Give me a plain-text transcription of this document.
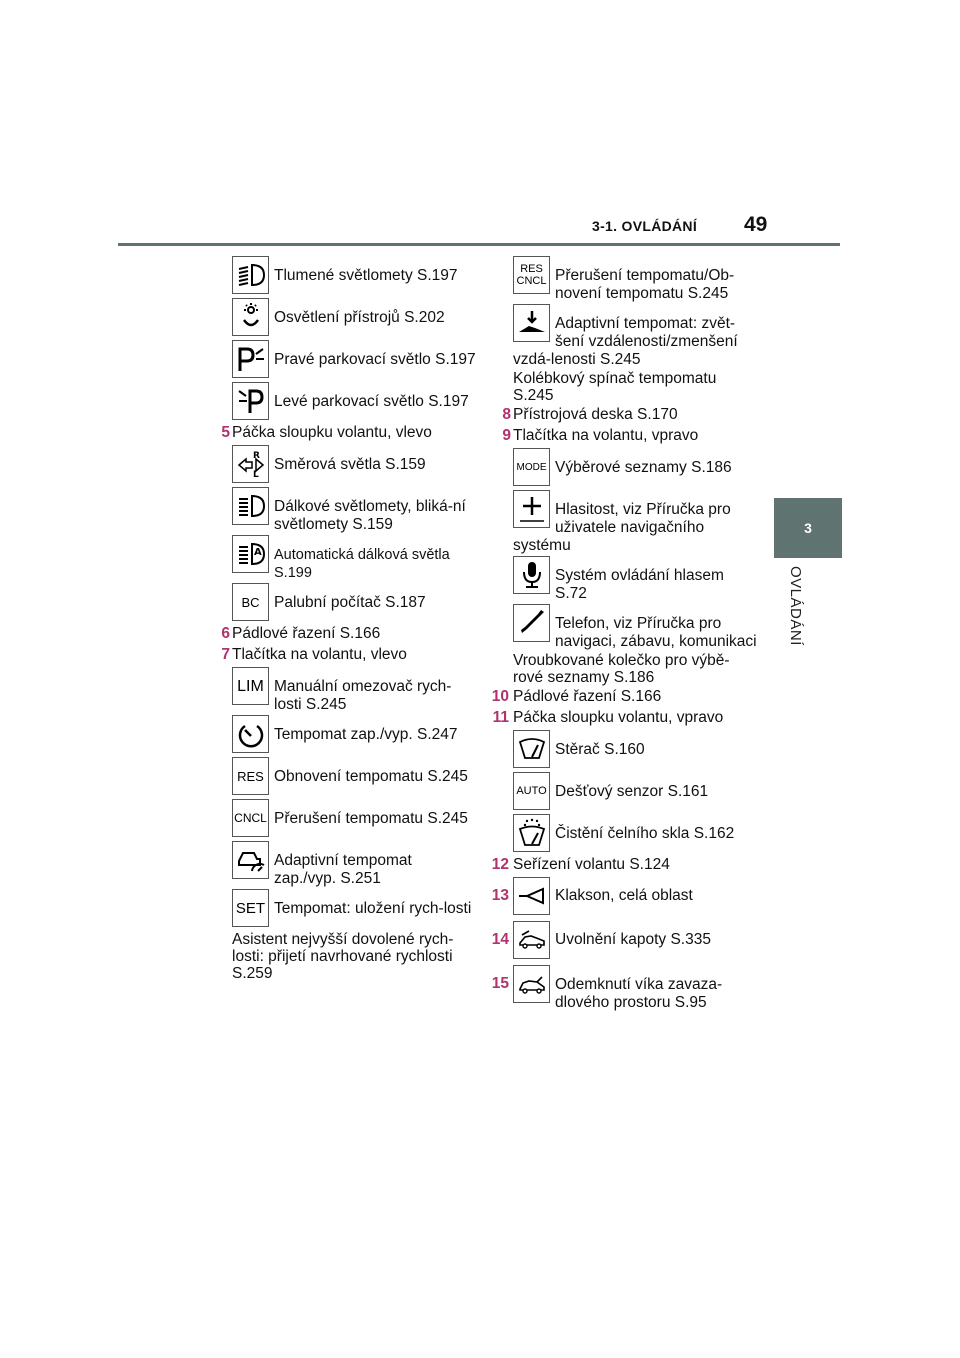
3-1. OVLÁDÁNÍ 49
3
OVLÁDÁNÍ
Tlumené světlomety S.197
Osvětlení přístrojů S.202
Pravé parkovací světlo S.197
Levé parkovací světlo S.197
5 Páčka sloupku volantu, vlevo
R
L
Směrová světla S.159
Dálkové světlomety, bliká-ní světlomety S.159
A Automatická dálková světla S.199
BC Palubní počítač S.187
6 Pádlové řazení S.166
7 Tlačítka na volantu, vlevo
LIM Manuální omezovač rych-losti S.245
Tempomat zap./vyp. S.247
RES Obnovení tempomatu S.245
CNCL Přerušení tempomatu S.245
Adaptivní tempomat zap./vyp. S.251
SET Tempomat: uložení rych-losti
Asistent nejvyšší dovolené rych-losti: přijetí navrhované rychlosti S.259
RES CNCL Přerušení tempomatu/Ob-novení tempomatu S.245
Adaptivní tempomat: zvět-šení vzdálenosti/zmenšení vzdá-lenosti S.245
Kolébkový spínač tempomatu S.245
8 Přístrojová deska S.170
9 Tlačítka na volantu, vpravo
MODE Výběrové seznamy S.186
Hlasitost, viz Příručka pro uživatele navigačního systému
Systém ovládání hlasem S.72
Telefon, viz Příručka pro navigaci, zábavu, komunikaci
Vroubkované kolečko pro výbě-rové seznamy S.186
10 Pádlové řazení S.166
11 Páčka sloupku volantu, vpravo
Stěrač S.160
AUTO Dešťový senzor S.161
Čistění čelního skla S.162
12 Seřízení volantu S.124
13	Klakson, celá oblast
14	Uvolnění kapoty S.335
15	Odemknutí víka zavaza-dlového prostoru S.95
